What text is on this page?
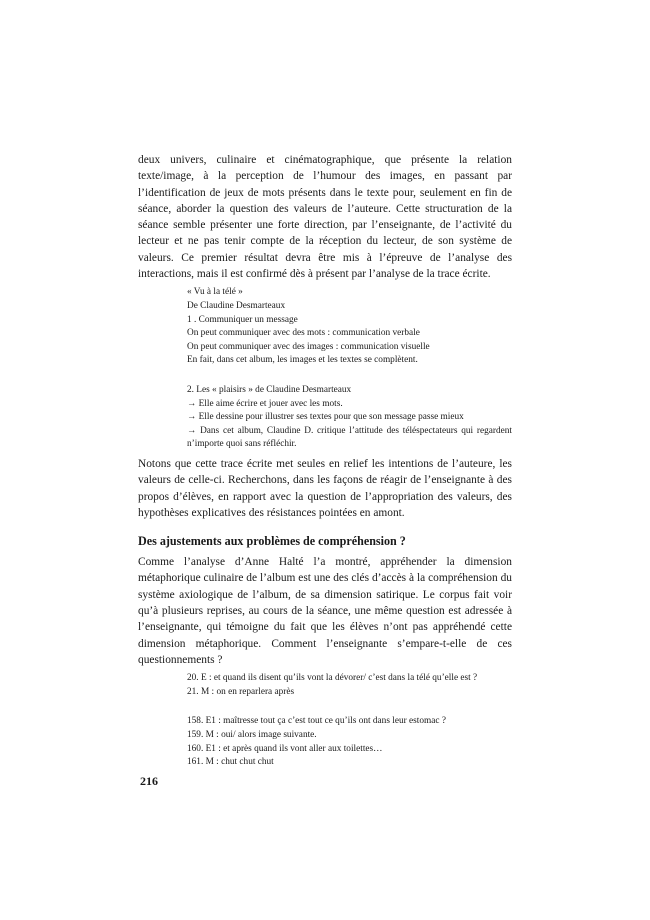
deux univers, culinaire et cinématographique, que présente la relation texte/image, à la perception de l’humour des images, en passant par l’identification de jeux de mots présents dans le texte pour, seulement en fin de séance, aborder la question des valeurs de l’auteure. Cette structuration de la séance semble présenter une forte direction, par l’enseignante, de l’activité du lecteur et ne pas tenir compte de la réception du lecteur, de son système de valeurs. Ce premier résultat devra être mis à l’épreuve de l’analyse des interactions, mais il est confirmé dès à présent par l’analyse de la trace écrite.

« Vu à la télé »
De Claudine Desmarteaux
1 . Communiquer un message
On peut communiquer avec des mots : communication verbale
On peut communiquer avec des images : communication visuelle
En fait, dans cet album, les images et les textes se complètent.
2. Les « plaisirs » de Claudine Desmarteaux
→ Elle aime écrire et jouer avec les mots.
→ Elle dessine pour illustrer ses textes pour que son message passe mieux
→ Dans cet album, Claudine D. critique l’attitude des téléspectateurs qui regardent n’importe quoi sans réfléchir.

Notons que cette trace écrite met seules en relief les intentions de l’auteure, les valeurs de celle-ci. Recherchons, dans les façons de réagir de l’enseignante à des propos d’élèves, en rapport avec la question de l’appropriation des valeurs, des hypothèses explicatives des résistances pointées en amont.

Des ajustements aux problèmes de compréhension ?

Comme l’analyse d’Anne Halté l’a montré, appréhender la dimension métaphorique culinaire de l’album est une des clés d’accès à la compréhension du système axiologique de l’album, de sa dimension satirique. Le corpus fait voir qu’à plusieurs reprises, au cours de la séance, une même question est adressée à l’enseignante, qui témoigne du fait que les élèves n’ont pas appréhendé cette dimension métaphorique. Comment l’enseignante s’empare-t-elle de ces questionnements ?

20. E : et quand ils disent qu’ils vont la dévorer/ c’est dans la télé qu’elle est ?
21. M : on en reparlera après
158. E1 : maîtresse tout ça c’est tout ce qu’ils ont dans leur estomac ?
159. M : oui/ alors image suivante.
160. E1 : et après quand ils vont aller aux toilettes…
161. M : chut chut chut
216
